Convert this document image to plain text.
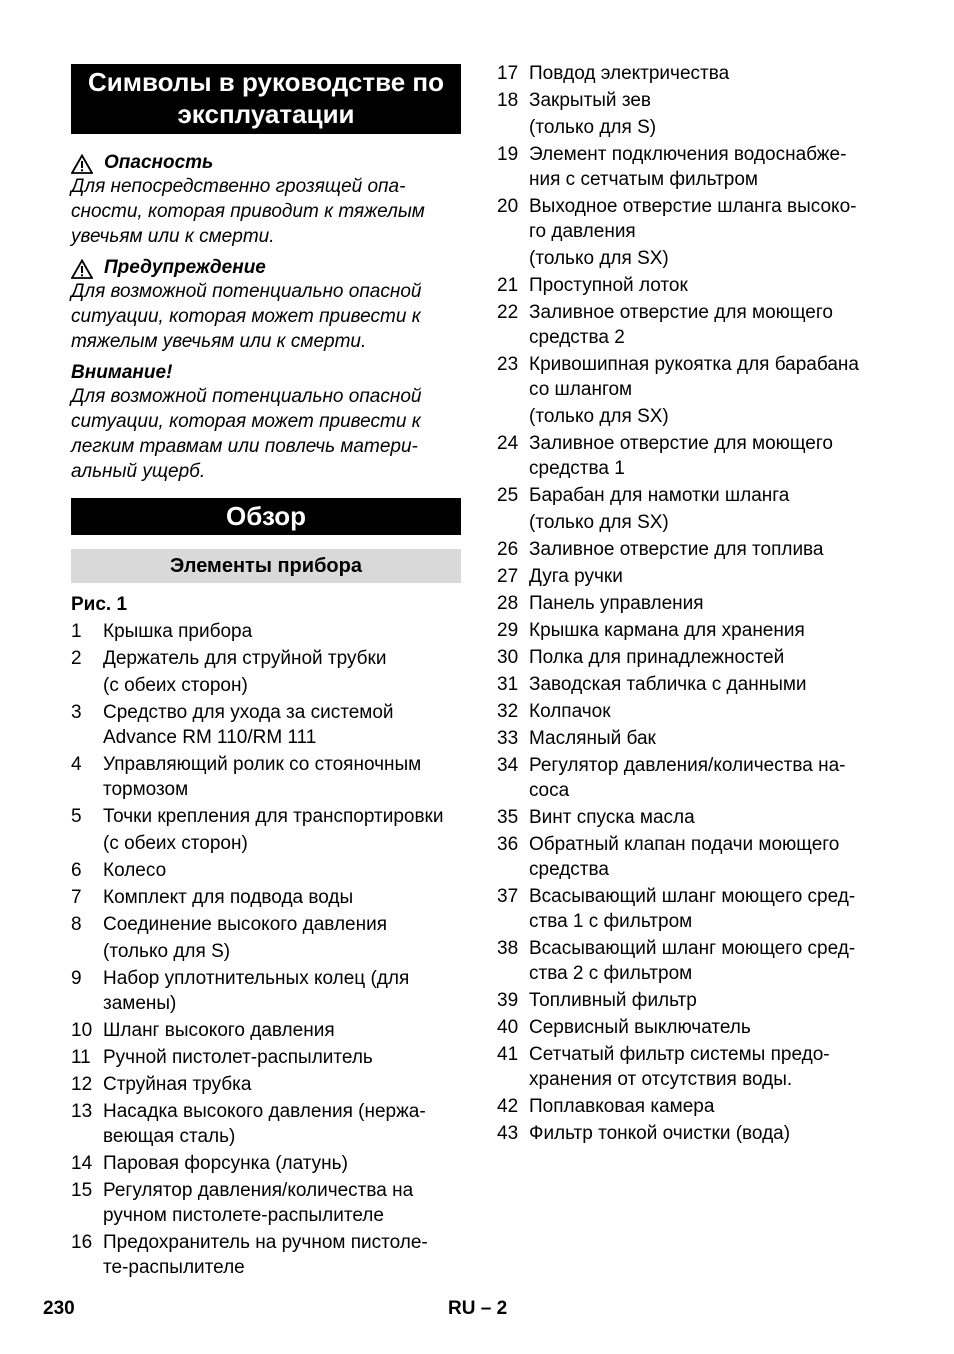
Символы в руководстве по
эксплуатации
Опасность
Для непосредственно грозящей опа-
сности, которая приводит к тяжелым
увечьям или к смерти.
Предупреждение
Для возможной потенциально опасной
ситуации, которая может привести к
тяжелым увечьям или к смерти.
Внимание!
Для возможной потенциально опасной
ситуации, которая может привести к
легким травмам или повлечь матери-
альный ущерб.
Обзор
Элементы прибора
Рис. 1
1	Крышка прибора
2	Держатель для струйной трубки
(с обеих сторон)
3	Средство для ухода за системой
Advance RM 110/RM 111
4	Управляющий ролик со стояночным
тормозом
5	Точки крепления для транспортировки
(с обеих сторон)
6	Колесо
7	Комплект для подвода воды
8	Соединение высокого давления
(только для S)
9	Набор уплотнительных колец (для
замены)
10 Шланг высокого давления
11 Ручной пистолет-распылитель
12 Струйная трубка
13 Насадка высокого давления (нержа-
веющая сталь)
14 Паровая форсунка (латунь)
15 Регулятор давления/количества на
ручном пистолете-распылителе
16 Предохранитель на ручном пистоле-
те-распылителе
17 Повдод электричества
18 Закрытый зев
(только для S)
19 Элемент подключения водоснабже-
ния с сетчатым фильтром
20 Выходное отверстие шланга высоко-
го давления
(только для SX)
21 Проступной лоток
22 Заливное отверстие для моющего
средства 2
23 Кривошипная рукоятка для барабана
со шлангом
(только для SX)
24 Заливное отверстие для моющего
средства 1
25 Барабан для намотки шланга
(только для SX)
26 Заливное отверстие для топлива
27 Дуга ручки
28 Панель управления
29 Крышка кармана для хранения
30 Полка для принадлежностей
31 Заводская табличка с данными
32 Колпачок
33 Масляный бак
34 Регулятор давления/количества на-
coca
35 Винт спуска масла
36 Обратный клапан подачи моющего
средства
37 Всасывающий шланг моющего сред-
ства 1 с фильтром
38 Всасывающий шланг моющего сред-
ства 2 с фильтром
39 Топливный фильтр
40 Сервисный выключатель
41 Сетчатый фильтр системы предо-
хранения от отсутствия воды.
42 Поплавковая камера
43 Фильтр тонкой очистки (вода)
230	RU – 2
